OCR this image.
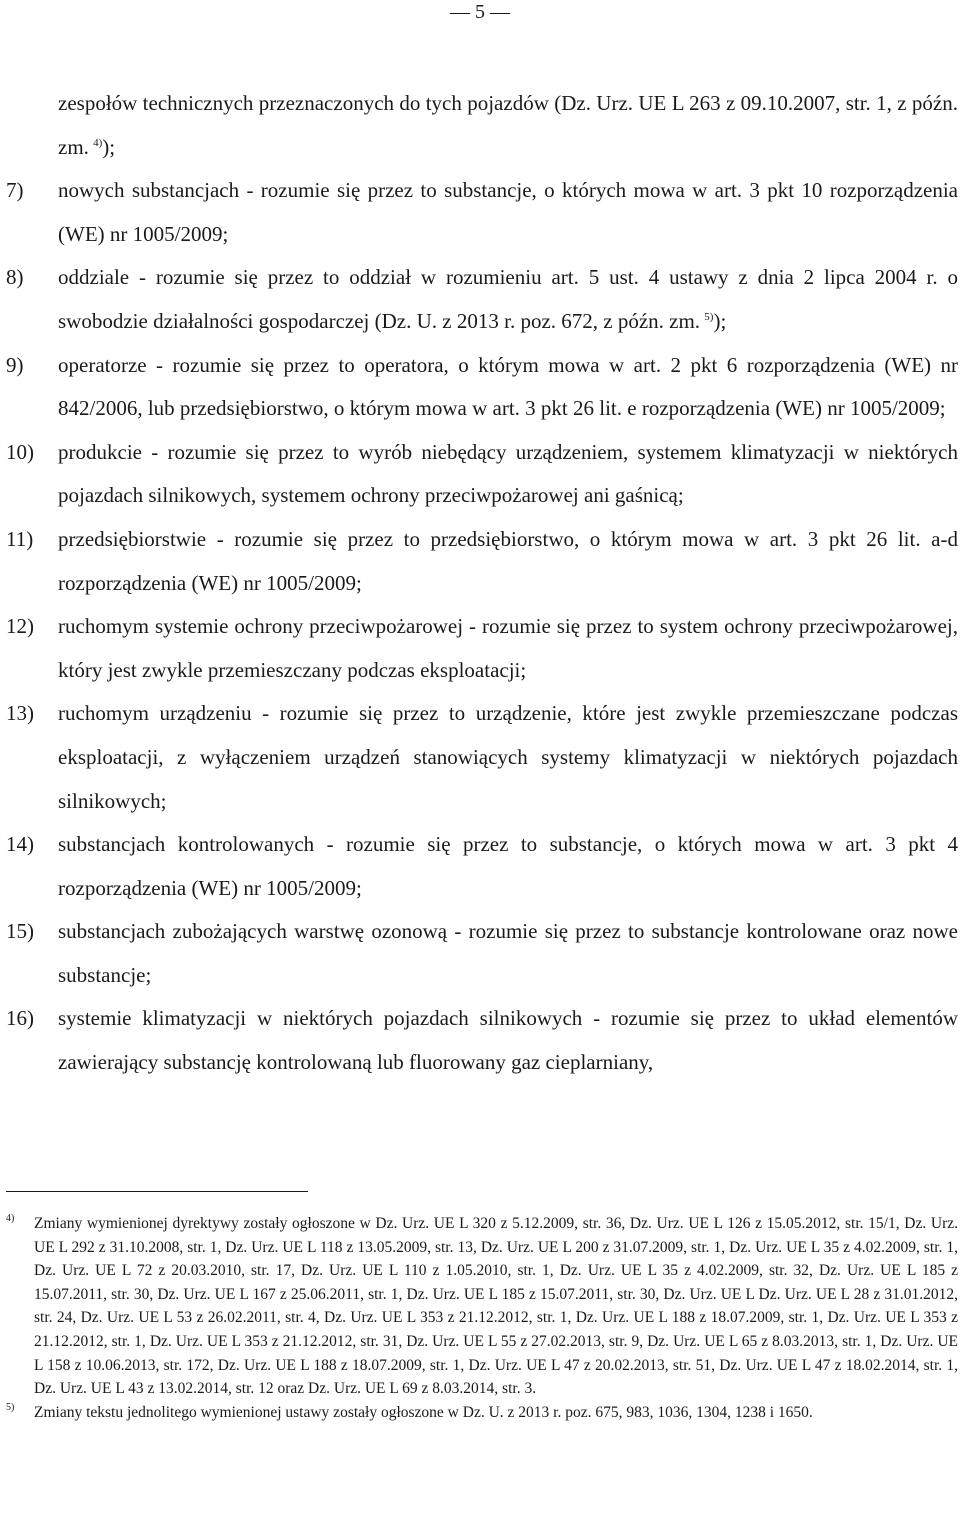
— 5 —
zespołów technicznych przeznaczonych do tych pojazdów (Dz. Urz. UE L 263 z 09.10.2007, str. 1, z późn. zm.  $^{4)}$);
7) nowych substancjach - rozumie się przez to substancje, o których mowa w art. 3 pkt 10 rozporządzenia (WE) nr 1005/2009;
8) oddziale - rozumie się przez to oddział w rozumieniu art. 5 ust. 4 ustawy z dnia 2 lipca 2004 r. o swobodzie działalności gospodarczej (Dz. U. z 2013 r. poz. 672, z późn. zm.  $^{5)}$);
9) operatorze - rozumie się przez to operatora, o którym mowa w art. 2 pkt 6 rozporządzenia (WE) nr 842/2006, lub przedsiębiorstwo, o którym mowa w art. 3 pkt 26 lit. e rozporządzenia (WE) nr 1005/2009;
10) produkcie - rozumie się przez to wyrób niebędący urządzeniem, systemem klimatyzacji w niektórych pojazdach silnikowych, systemem ochrony przeciwpożarowej ani gaśnicą;
11) przedsiębiorstwie - rozumie się przez to przedsiębiorstwo, o którym mowa w art. 3 pkt 26 lit. a-d rozporządzenia (WE) nr 1005/2009;
12) ruchomym systemie ochrony przeciwpożarowej - rozumie się przez to system ochrony przeciwpożarowej, który jest zwykle przemieszczany podczas eksploatacji;
13) ruchomym urządzeniu - rozumie się przez to urządzenie, które jest zwykle przemieszczane podczas eksploatacji, z wyłączeniem urządzeń stanowiących systemy klimatyzacji w niektórych pojazdach silnikowych;
14) substancjach kontrolowanych - rozumie się przez to substancje, o których mowa w art. 3 pkt 4 rozporządzenia (WE) nr 1005/2009;
15) substancjach zubożających warstwę ozonową - rozumie się przez to substancje kontrolowane oraz nowe substancje;
16) systemie klimatyzacji w niektórych pojazdach silnikowych - rozumie się przez to układ elementów zawierający substancję kontrolowaną lub fluorowany gaz cieplarniany,
4) Zmiany wymienionej dyrektywy zostały ogłoszone w Dz. Urz. UE L 320 z 5.12.2009, str. 36, Dz. Urz. UE L 126 z 15.05.2012, str. 15/1, Dz. Urz. UE L 292 z 31.10.2008, str. 1, Dz. Urz. UE L 118 z 13.05.2009, str. 13, Dz. Urz. UE L 200 z 31.07.2009, str. 1, Dz. Urz. UE L 35 z 4.02.2009, str. 1, Dz. Urz. UE L 72 z 20.03.2010, str. 17, Dz. Urz. UE L 110 z 1.05.2010, str. 1, Dz. Urz. UE L 35 z 4.02.2009, str. 32, Dz. Urz. UE L 185 z 15.07.2011, str. 30, Dz. Urz. UE L 167 z 25.06.2011, str. 1, Dz. Urz. UE L 185 z 15.07.2011, str. 30, Dz. Urz. UE L Dz. Urz. UE L 28 z 31.01.2012, str. 24, Dz. Urz. UE L 53 z 26.02.2011, str. 4, Dz. Urz. UE L 353 z 21.12.2012, str. 1, Dz. Urz. UE L 188 z 18.07.2009, str. 1, Dz. Urz. UE L 353 z 21.12.2012, str. 1, Dz. Urz. UE L 353 z 21.12.2012, str. 31, Dz. Urz. UE L 55 z 27.02.2013, str. 9, Dz. Urz. UE L 65 z 8.03.2013, str. 1, Dz. Urz. UE L 158 z 10.06.2013, str. 172, Dz. Urz. UE L 188 z 18.07.2009, str. 1, Dz. Urz. UE L 47 z 20.02.2013, str. 51, Dz. Urz. UE L 47 z 18.02.2014, str. 1, Dz. Urz. UE L 43 z 13.02.2014, str. 12 oraz Dz. Urz. UE L 69 z 8.03.2014, str. 3.
5) Zmiany tekstu jednolitego wymienionej ustawy zostały ogłoszone w Dz. U. z 2013 r. poz. 675, 983, 1036, 1304, 1238 i 1650.
